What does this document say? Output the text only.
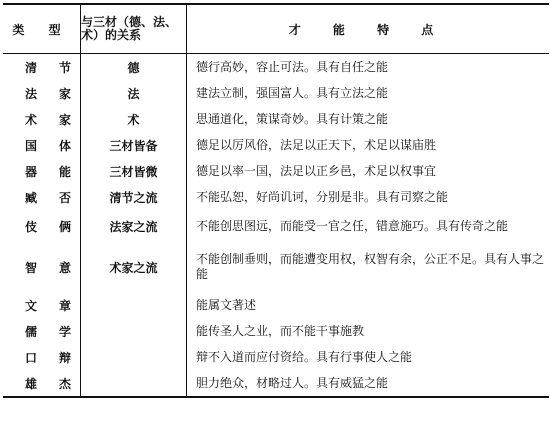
类 型	与三材（德、法、术）的关系	才 能 特 点
清节	德	德行高妙，容止可法。具有自任之能
法家	法	建法立制，强国富人。具有立法之能
术家	术	思通道化，策谋奇妙。具有计策之能
国体	三材皆备	德足以厉风俗，法足以正天下，术足以谋庙胜
器能	三材皆微	德足以率一国，法足以正乡邑，术足以权事宜
臧否	清节之流	不能弘恕，好尚讥诃，分别是非。具有司察之能
伎俩	法家之流	不能创思图远，而能受一官之任，错意施巧。具有传奇之能
智意	术家之流	不能创制垂则，而能遭变用权，权智有余，公正不足。具有人事之能
文章		能属文著述
儒学		能传圣人之业，而不能干事施教
口辩		辩不入道而应付资给。具有行事使人之能
雄杰		胆力绝众，材略过人。具有威猛之能
